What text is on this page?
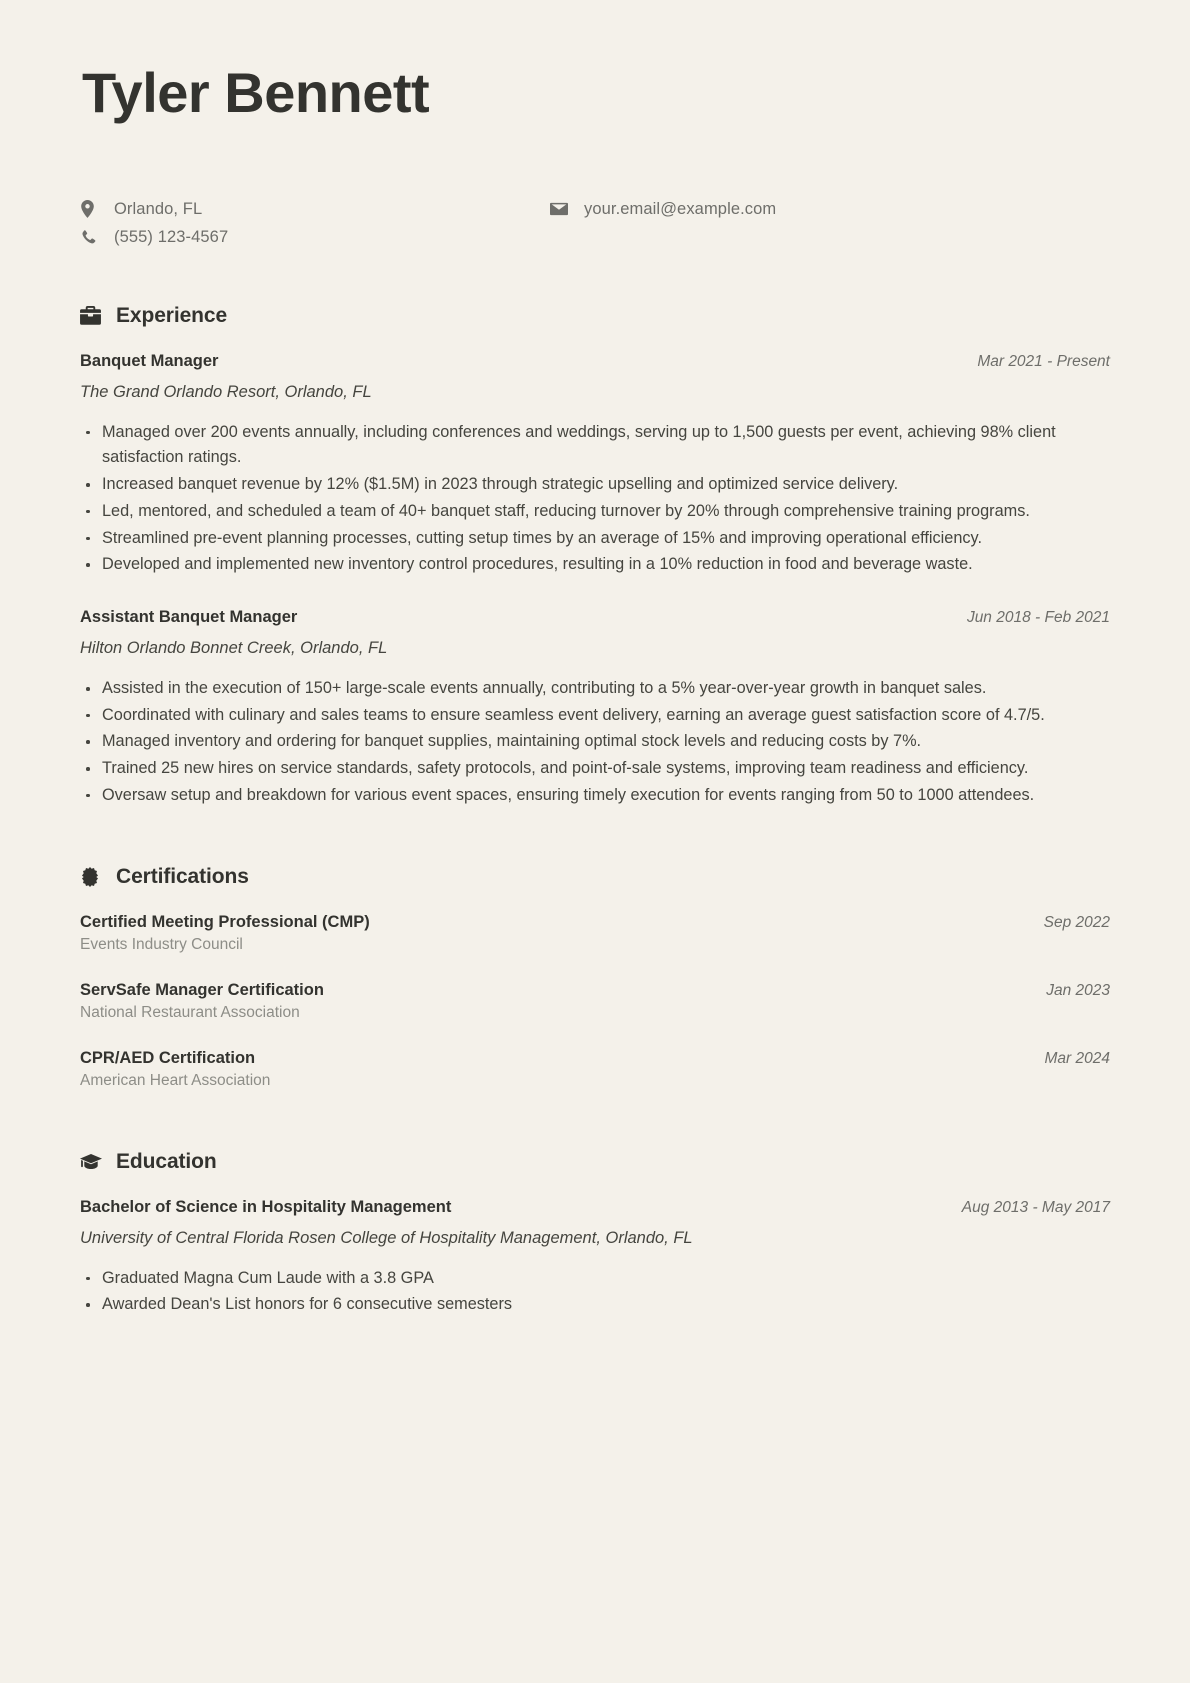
Tyler Bennett
Orlando, FL
(555) 123-4567
your.email@example.com
Experience
Banquet Manager	Mar 2021 - Present
The Grand Orlando Resort, Orlando, FL
Managed over 200 events annually, including conferences and weddings, serving up to 1,500 guests per event, achieving 98% client satisfaction ratings.
Increased banquet revenue by 12% ($1.5M) in 2023 through strategic upselling and optimized service delivery.
Led, mentored, and scheduled a team of 40+ banquet staff, reducing turnover by 20% through comprehensive training programs.
Streamlined pre-event planning processes, cutting setup times by an average of 15% and improving operational efficiency.
Developed and implemented new inventory control procedures, resulting in a 10% reduction in food and beverage waste.
Assistant Banquet Manager	Jun 2018 - Feb 2021
Hilton Orlando Bonnet Creek, Orlando, FL
Assisted in the execution of 150+ large-scale events annually, contributing to a 5% year-over-year growth in banquet sales.
Coordinated with culinary and sales teams to ensure seamless event delivery, earning an average guest satisfaction score of 4.7/5.
Managed inventory and ordering for banquet supplies, maintaining optimal stock levels and reducing costs by 7%.
Trained 25 new hires on service standards, safety protocols, and point-of-sale systems, improving team readiness and efficiency.
Oversaw setup and breakdown for various event spaces, ensuring timely execution for events ranging from 50 to 1000 attendees.
Certifications
Certified Meeting Professional (CMP)	Sep 2022
Events Industry Council
ServSafe Manager Certification	Jan 2023
National Restaurant Association
CPR/AED Certification	Mar 2024
American Heart Association
Education
Bachelor of Science in Hospitality Management	Aug 2013 - May 2017
University of Central Florida Rosen College of Hospitality Management, Orlando, FL
Graduated Magna Cum Laude with a 3.8 GPA
Awarded Dean's List honors for 6 consecutive semesters
